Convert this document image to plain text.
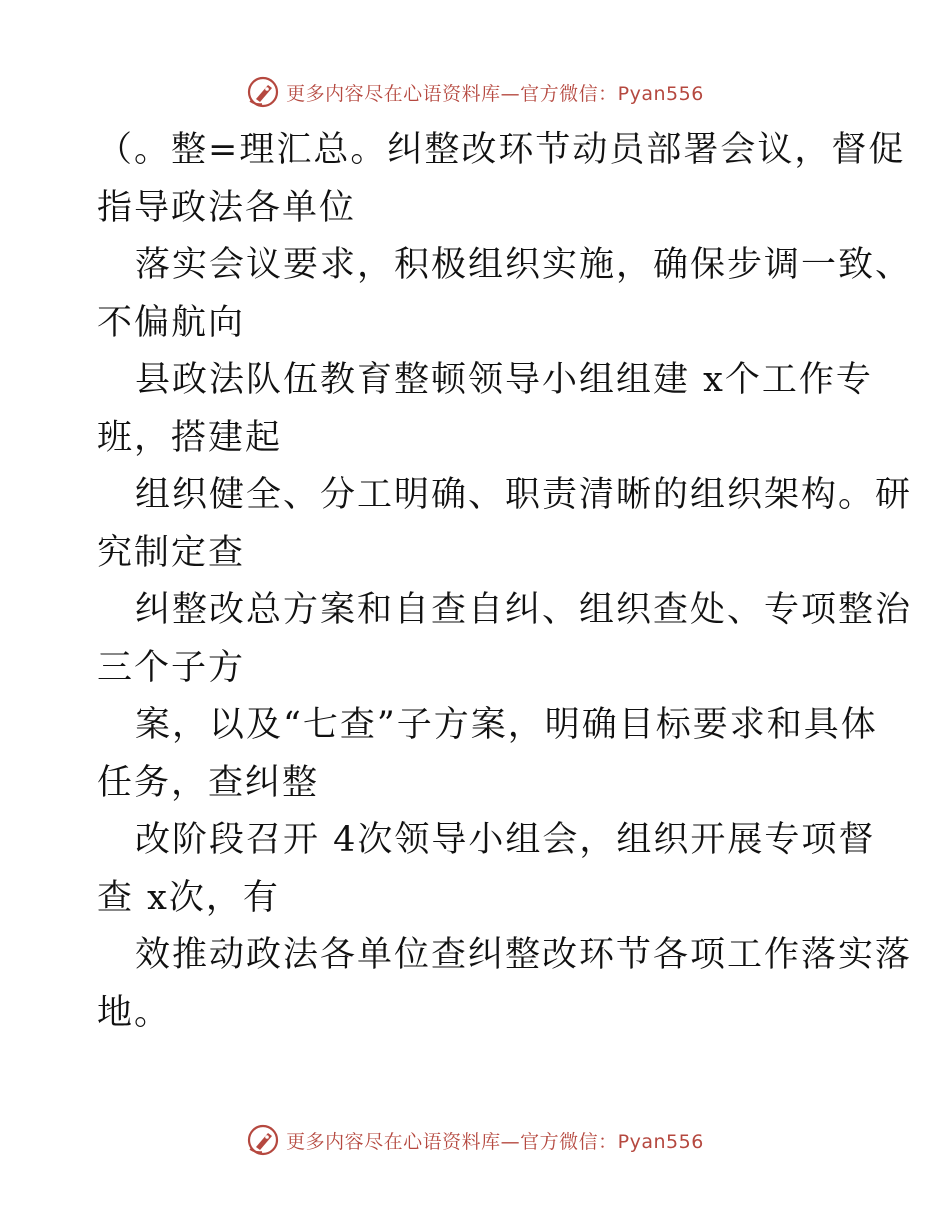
更多内容尽在心语资料库—官方微信：Pyan556
（。整=理汇总。纠整改环节动员部署会议，督促
指导政法各单位
落实会议要求，积极组织实施，确保步调一致、
不偏航向
县政法队伍教育整顿领导小组组建 x个工作专
班，搭建起
组织健全、分工明确、职责清晰的组织架构。研
究制定查
纠整改总方案和自查自纠、组织查处、专项整治
三个子方
案，以及“七查”子方案，明确目标要求和具体
任务，查纠整
改阶段召开 4次领导小组会，组织开展专项督
查 x次，有
效推动政法各单位查纠整改环节各项工作落实落
地。
更多内容尽在心语资料库—官方微信：Pyan556
